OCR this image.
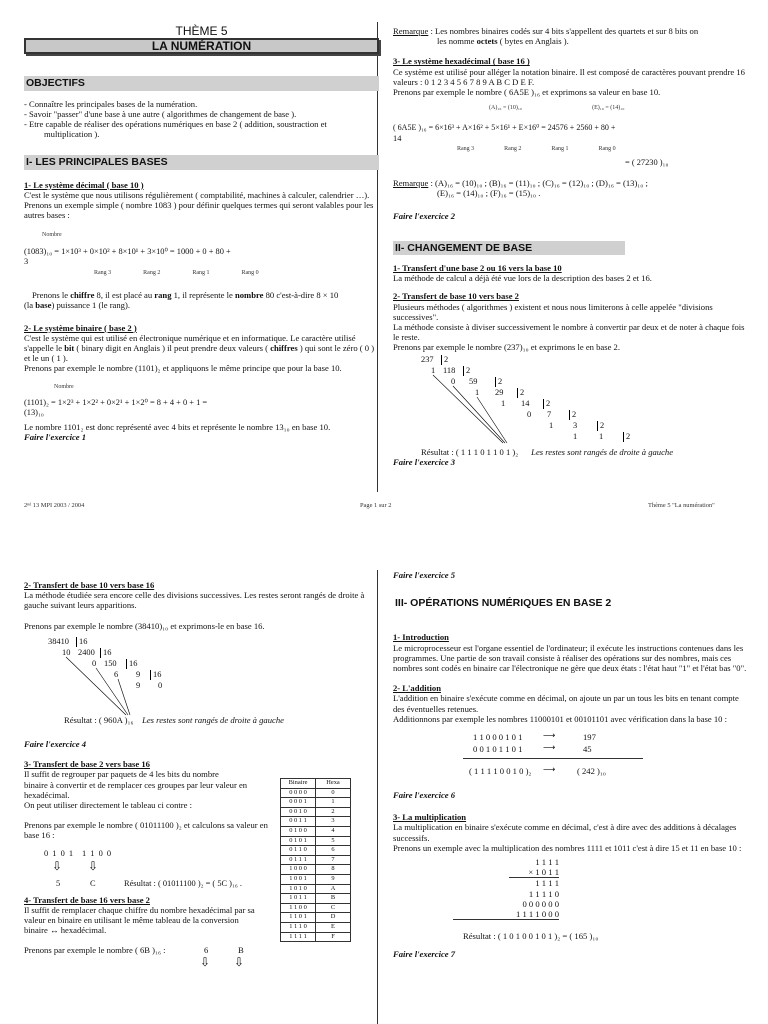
THÈME 5
LA NUMÉRATION
OBJECTIFS

- Connaître les principales bases de la numération.

- Savoir "passer" d'une base à une autre ( algorithmes de changement de base ).

- Etre capable de réaliser des opérations numériques en base 2 ( addition, soustraction et

multiplication ).

I- LES PRINCIPALES BASES

1- Le système décimal ( base 10 )

C'est le système que nous utilisons régulièrement ( comptabilité, machines à calculer, calendrier …).

Prenons un exemple simple ( nombre 1083 ) pour définir quelques termes qui seront valables pour les autres bases :

Nombre
(1083)₁₀ = 1×10³ + 0×10² + 8×10¹ + 3×10⁰ = 1000 + 0 + 80 +
3
Rang 3	Rang 2	Rang 1	Rang 0

Prenons le chiffre 8, il est placé au rang 1, il représente le nombre 80 c'est-à-dire 8 × 10

(la base) puissance 1 (le rang).

2- Le système binaire ( base 2 )

C'est le système qui est utilisé en électronique numérique et en informatique. Le caractère utilisé s'appelle le bit ( binary digit en Anglais ) il peut prendre deux valeurs ( chiffres ) qui sont le zéro ( 0 ) et le un ( 1 ).

Prenons par exemple le nombre (1101)₂ et appliquons le même principe que pour la base 10.

Nombre
(1101)₂ = 1×2³ + 1×2² + 0×2¹ + 1×2⁰ = 8 + 4 + 0 + 1 =
(13)₁₀

Le nombre 1101₂ est donc représenté avec 4 bits et représente le nombre 13₁₀ en base 10.

Faire l'exercice 1

Remarque : Les nombres binaires codés sur 4 bits s'appellent des quartets et sur 8 bits on

les nomme octets ( bytes en Anglais ).

3- Le système hexadécimal ( base 16 )

Ce système est utilisé pour alléger la notation binaire. Il est composé de caractères pouvant prendre 16 valeurs : 0 1 2 3 4 5 6 7 8 9 A B C D E F.

Prenons par exemple le nombre ( 6A5E )₁₆ et exprimons sa valeur en base 10.

(A)₁₆ = (10)₁₀	(E)₁₆ = (14)₁₀
( 6A5E )₁₆ = 6×16³ + A×16² + 5×16¹ + E×16⁰ = 24576 + 2560 + 80 +
14
Rang 3	Rang 2	Rang 1	Rang 0
= ( 27230 )₁₀

Remarque : (A)₁₆ = (10)₁₀ ; (B)₁₆ = (11)₁₀ ; (C)₁₆ = (12)₁₀ ; (D)₁₆ = (13)₁₀ ;

(E)₁₆ = (14)₁₀ ; (F)₁₆ = (15)₁₀ .

Faire l'exercice 2

II- CHANGEMENT DE BASE

1- Transfert d'une base 2 ou 16 vers la base 10

La méthode de calcul a déjà été vue lors de la description des bases 2 et 16.

2- Transfert de base 10 vers base 2

Plusieurs méthodes ( algorithmes ) existent et nous nous limiterons à celle appelée "divisions successives".

La méthode consiste à diviser successivement le nombre à convertir par deux et de noter à chaque fois le reste.

Prenons par exemple le nombre (237)₁₀ et exprimons le en base 2.

237	2
1 118	2
0 59	2
1 29	2
1 14	2
0 7	2
1 3	2
1	1	2
Résultat : ( 1 1 1 0 1 1 0 1 )₂ Les restes sont rangés de droite à gauche

Faire l'exercice 3

2ⁿᵈ 13 MPI 2003 / 2004	Page 1 sur 2	Thème 5 "La numération"

2- Transfert de base 10 vers base 16

La méthode étudiée sera encore celle des divisions successives. Les restes seront rangés de droite à gauche suivant leurs apparitions.

Prenons par exemple le nombre (38410)₁₀ et exprimons-le en base 16.

38410	16
10 2400 16
0 150	16
6 9	16
9 0
Résultat : ( 960A )₁₆ Les restes sont rangés de droite à gauche

Faire l'exercice 4

3- Transfert de base 2 vers base 16

Il suffit de regrouper par paquets de 4 les bits du nombre

binaire à convertir et de remplacer ces groupes par leur valeur en hexadécimal.

On peut utiliser directement le tableau ci contre :

Prenons par exemple le nombre ( 01011100 )₂ et calculons sa valeur en base 16 :

0 1 0 1 1 1 0 0
⇩ ⇩
5	C	Résultat : ( 01011100 )₂ = ( 5C )₁₆ .

4- Transfert de base 16 vers base 2

Il suffit de remplacer chaque chiffre du nombre hexadécimal par sa valeur en binaire en utilisant le même tableau de la conversion binaire ↔ hexadécimal.

Prenons par exemple le nombre ( 6B )₁₆ :	6	B
⇩ ⇩
Binaire	Hexa
0 0 0 0	0
0 0 0 1	1
0 0 1 0	2
0 0 1 1	3
0 1 0 0	4
0 1 0 1	5
0 1 1 0	6
0 1 1 1	7
1 0 0 0	8
1 0 0 1	9
1 0 1 0	A
1 0 1 1	B
1 1 0 0	C
1 1 0 1	D
1 1 1 0	E
1 1 1 1	F

Faire l'exercice 5

III- OPÉRATIONS NUMÉRIQUES EN BASE 2

1- Introduction

Le microprocesseur est l'organe essentiel de l'ordinateur; il exécute les instructions contenues dans les programmes. Une partie de son travail consiste à réaliser des opérations sur des nombres, mais ces nombres sont codés en binaire car l'électronique ne gère que deux états : l'état haut "1" et l'état bas "0".

2- L'addition

L'addition en binaire s'exécute comme en décimal, on ajoute un par un tous les bits en tenant compte des éventuelles retenues.

Additionnons par exemple les nombres 11000101 et 00101101 avec vérification dans la base 10 :

1 1 0 0 0 1 0 1 ⟶	197
0 0 1 0 1 1 0 1 ⟶	45
( 1 1 1 1 0 0 1 0 )₂ ⟶	( 242 )₁₀

Faire l'exercice 6

3- La multiplication

La multiplication en binaire s'exécute comme en décimal, c'est à dire avec des additions à décalages successifs.

Prenons un exemple avec la multiplication des nombres 1111 et 1011 c'est à dire 15 et 11 en base 10 :

1 1 1 1
× 1 0 1 1
1 1 1 1
1 1 1 1 0
0 0 0 0 0 0
1 1 1 1 0 0 0
Résultat : ( 1 0 1 0 0 1 0 1 )₂ = ( 165 )₁₀

Faire l'exercice 7
